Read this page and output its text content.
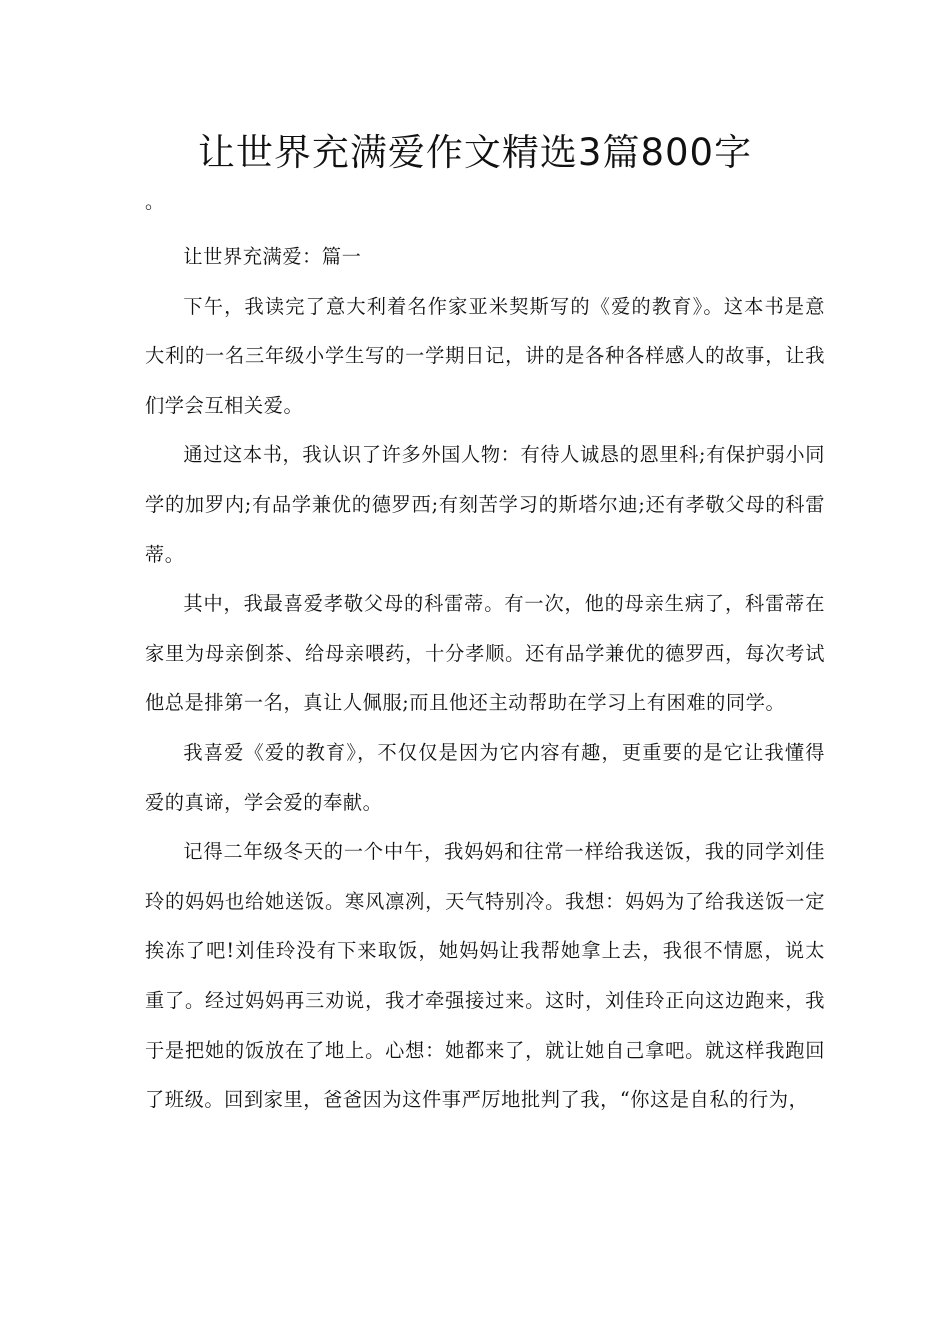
让世界充满爱作文精选3篇800字
。

让世界充满爱：篇一

下午，我读完了意大利着名作家亚米契斯写的《爱的教育》。这本书是意大利的一名三年级小学生写的一学期日记，讲的是各种各样感人的故事，让我们学会互相关爱。

通过这本书，我认识了许多外国人物：有待人诚恳的恩里科;有保护弱小同学的加罗内;有品学兼优的德罗西;有刻苦学习的斯塔尔迪;还有孝敬父母的科雷蒂。

其中，我最喜爱孝敬父母的科雷蒂。有一次，他的母亲生病了，科雷蒂在家里为母亲倒茶、给母亲喂药，十分孝顺。还有品学兼优的德罗西，每次考试他总是排第一名，真让人佩服;而且他还主动帮助在学习上有困难的同学。

我喜爱《爱的教育》，不仅仅是因为它内容有趣，更重要的是它让我懂得爱的真谛，学会爱的奉献。

记得二年级冬天的一个中午，我妈妈和往常一样给我送饭，我的同学刘佳玲的妈妈也给她送饭。寒风凛冽，天气特别冷。我想：妈妈为了给我送饭一定挨冻了吧!刘佳玲没有下来取饭，她妈妈让我帮她拿上去，我很不情愿，说太重了。经过妈妈再三劝说，我才牵强接过来。这时，刘佳玲正向这边跑来，我于是把她的饭放在了地上。心想：她都来了，就让她自己拿吧。就这样我跑回了班级。回到家里，爸爸因为这件事严厉地批判了我，“你这是自私的行为，
